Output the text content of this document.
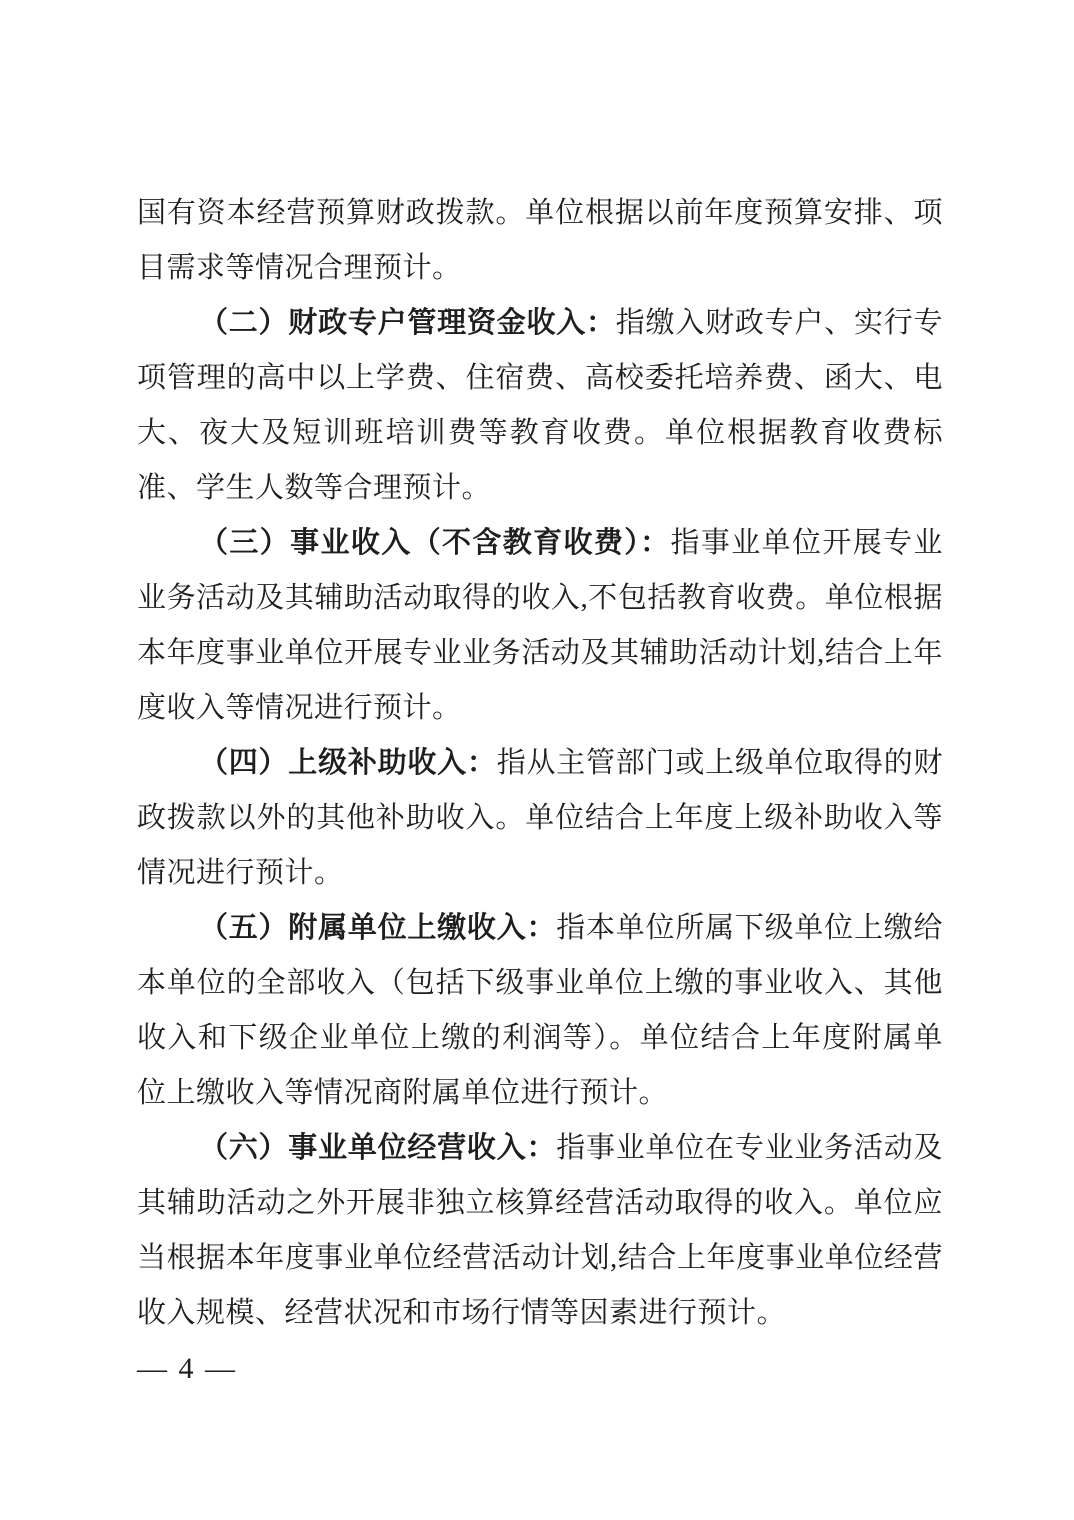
国有资本经营预算财政拨款。单位根据以前年度预算安排、项目需求等情况合理预计。

（二）财政专户管理资金收入：指缴入财政专户、实行专项管理的高中以上学费、住宿费、高校委托培养费、函大、电大、夜大及短训班培训费等教育收费。单位根据教育收费标准、学生人数等合理预计。

（三）事业收入（不含教育收费）：指事业单位开展专业业务活动及其辅助活动取得的收入,不包括教育收费。单位根据本年度事业单位开展专业业务活动及其辅助活动计划,结合上年度收入等情况进行预计。

（四）上级补助收入：指从主管部门或上级单位取得的财政拨款以外的其他补助收入。单位结合上年度上级补助收入等情况进行预计。

（五）附属单位上缴收入：指本单位所属下级单位上缴给本单位的全部收入（包括下级事业单位上缴的事业收入、其他收入和下级企业单位上缴的利润等）。单位结合上年度附属单位上缴收入等情况商附属单位进行预计。

（六）事业单位经营收入：指事业单位在专业业务活动及其辅助活动之外开展非独立核算经营活动取得的收入。单位应当根据本年度事业单位经营活动计划,结合上年度事业单位经营收入规模、经营状况和市场行情等因素进行预计。

— 4 —
